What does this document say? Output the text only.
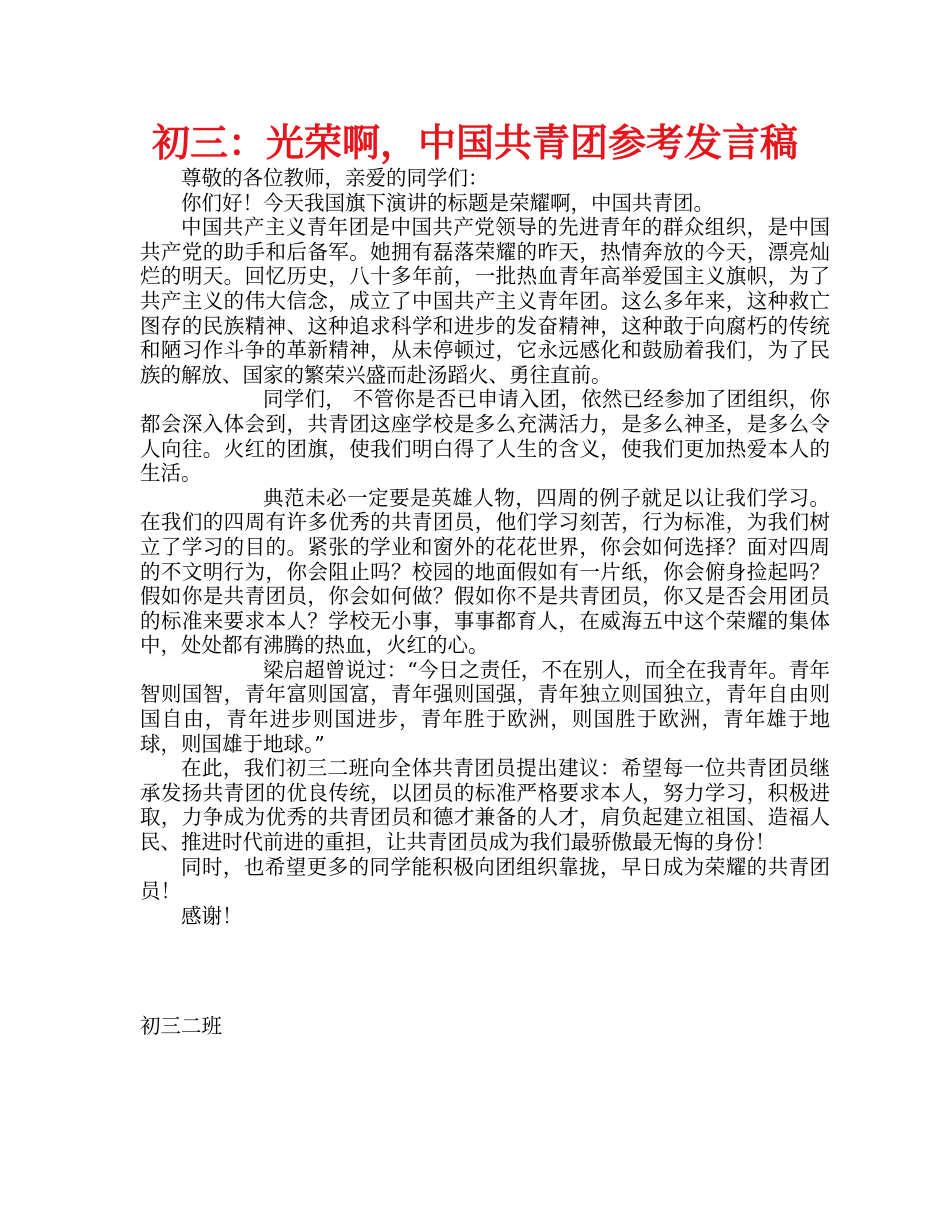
初三：光荣啊，中国共青团参考发言稿

尊敬的各位教师，亲爱的同学们：

你们好！今天我国旗下演讲的标题是荣耀啊，中国共青团。

中国共产主义青年团是中国共产党领导的先进青年的群众组织，是中国共产党的助手和后备军。她拥有磊落荣耀的昨天，热情奔放的今天，漂亮灿烂的明天。回忆历史，八十多年前，一批热血青年高举爱国主义旗帜，为了共产主义的伟大信念，成立了中国共产主义青年团。这么多年来，这种救亡图存的民族精神、这种追求科学和进步的发奋精神，这种敢于向腐朽的传统和陋习作斗争的革新精神，从未停顿过，它永远感化和鼓励着我们，为了民族的解放、国家的繁荣兴盛而赴汤蹈火、勇往直前。

同学们， 不管你是否已申请入团，依然已经参加了团组织，你都会深入体会到，共青团这座学校是多么充满活力，是多么神圣，是多么令人向往。火红的团旗，使我们明白得了人生的含义，使我们更加热爱本人的生活。

典范未必一定要是英雄人物，四周的例子就足以让我们学习。在我们的四周有许多优秀的共青团员，他们学习刻苦，行为标准，为我们树立了学习的目的。紧张的学业和窗外的花花世界，你会如何选择？面对四周的不文明行为，你会阻止吗？校园的地面假如有一片纸，你会俯身捡起吗？假如你是共青团员，你会如何做？假如你不是共青团员，你又是否会用团员的标准来要求本人？学校无小事，事事都育人，在威海五中这个荣耀的集体中，处处都有沸腾的热血，火红的心。

梁启超曾说过：“今日之责任，不在别人，而全在我青年。青年智则国智，青年富则国富，青年强则国强，青年独立则国独立，青年自由则国自由，青年进步则国进步，青年胜于欧洲，则国胜于欧洲，青年雄于地球，则国雄于地球。”

在此，我们初三二班向全体共青团员提出建议：希望每一位共青团员继承发扬共青团的优良传统，以团员的标准严格要求本人，努力学习，积极进取，力争成为优秀的共青团员和德才兼备的人才，肩负起建立祖国、造福人民、推进时代前进的重担，让共青团员成为我们最骄傲最无悔的身份！

同时，也希望更多的同学能积极向团组织靠拢，早日成为荣耀的共青团员！

感谢！

初三二班
